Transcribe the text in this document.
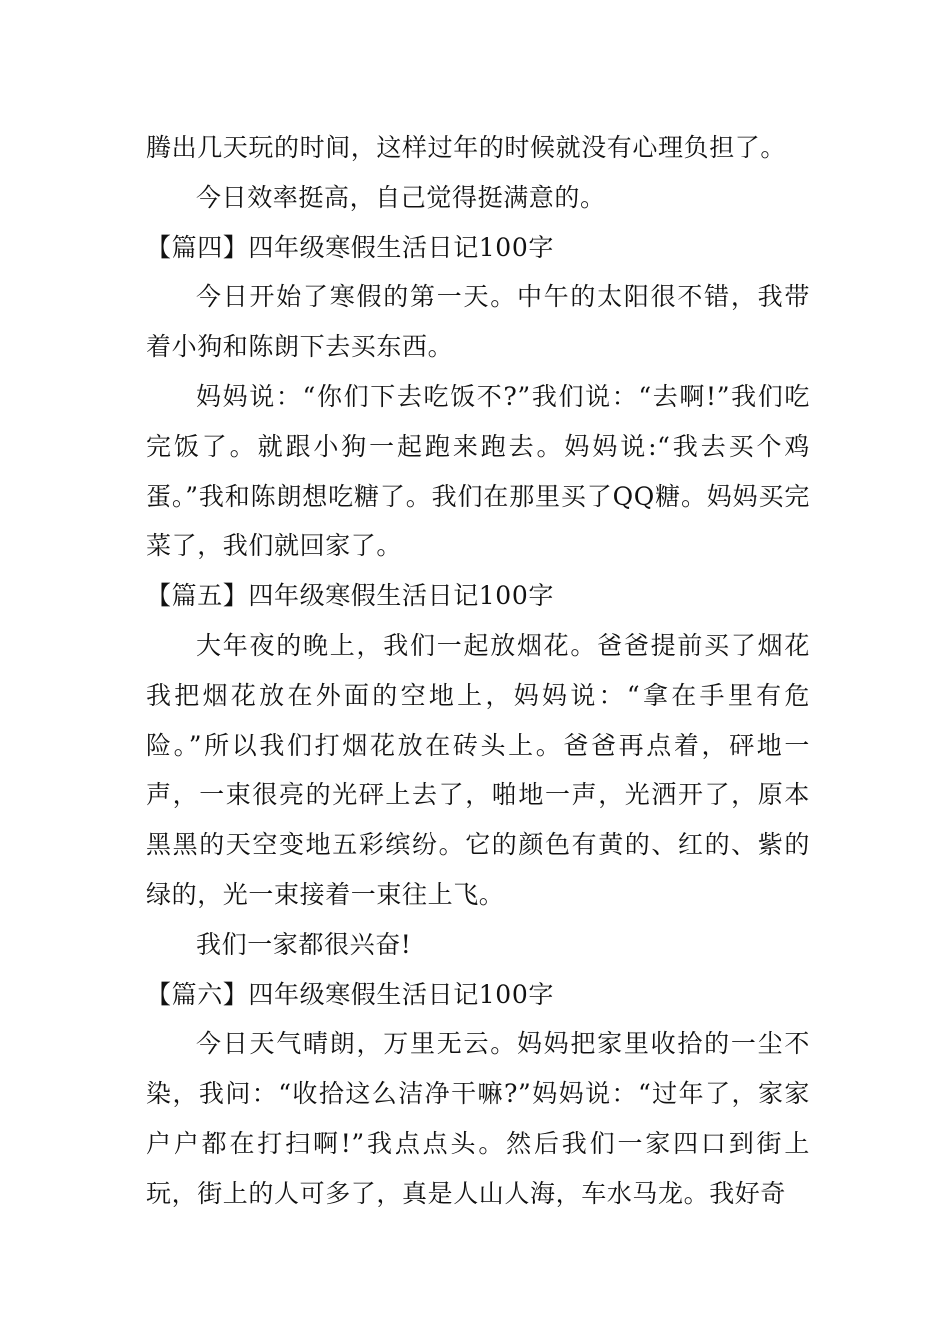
腾出几天玩的时间，这样过年的时候就没有心理负担了。

今日效率挺高，自己觉得挺满意的。

【篇四】四年级寒假生活日记100字

今日开始了寒假的第一天。中午的太阳很不错，我带着小狗和陈朗下去买东西。

妈妈说：“你们下去吃饭不?”我们说：“去啊!”我们吃完饭了。就跟小狗一起跑来跑去。妈妈说:“我去买个鸡蛋。”我和陈朗想吃糖了。我们在那里买了QQ糖。妈妈买完菜了，我们就回家了。

【篇五】四年级寒假生活日记100字

大年夜的晚上，我们一起放烟花。爸爸提前买了烟花我把烟花放在外面的空地上，妈妈说：“拿在手里有危险。”所以我们打烟花放在砖头上。爸爸再点着，砰地一声，一束很亮的光砰上去了，啪地一声，光洒开了，原本黑黑的天空变地五彩缤纷。它的颜色有黄的、红的、紫的绿的，光一束接着一束往上飞。

我们一家都很兴奋!

【篇六】四年级寒假生活日记100字

今日天气晴朗，万里无云。妈妈把家里收拾的一尘不染，我问：“收拾这么洁净干嘛?”妈妈说：“过年了，家家户户都在打扫啊!”我点点头。然后我们一家四口到街上玩，街上的人可多了，真是人山人海，车水马龙。我好奇
